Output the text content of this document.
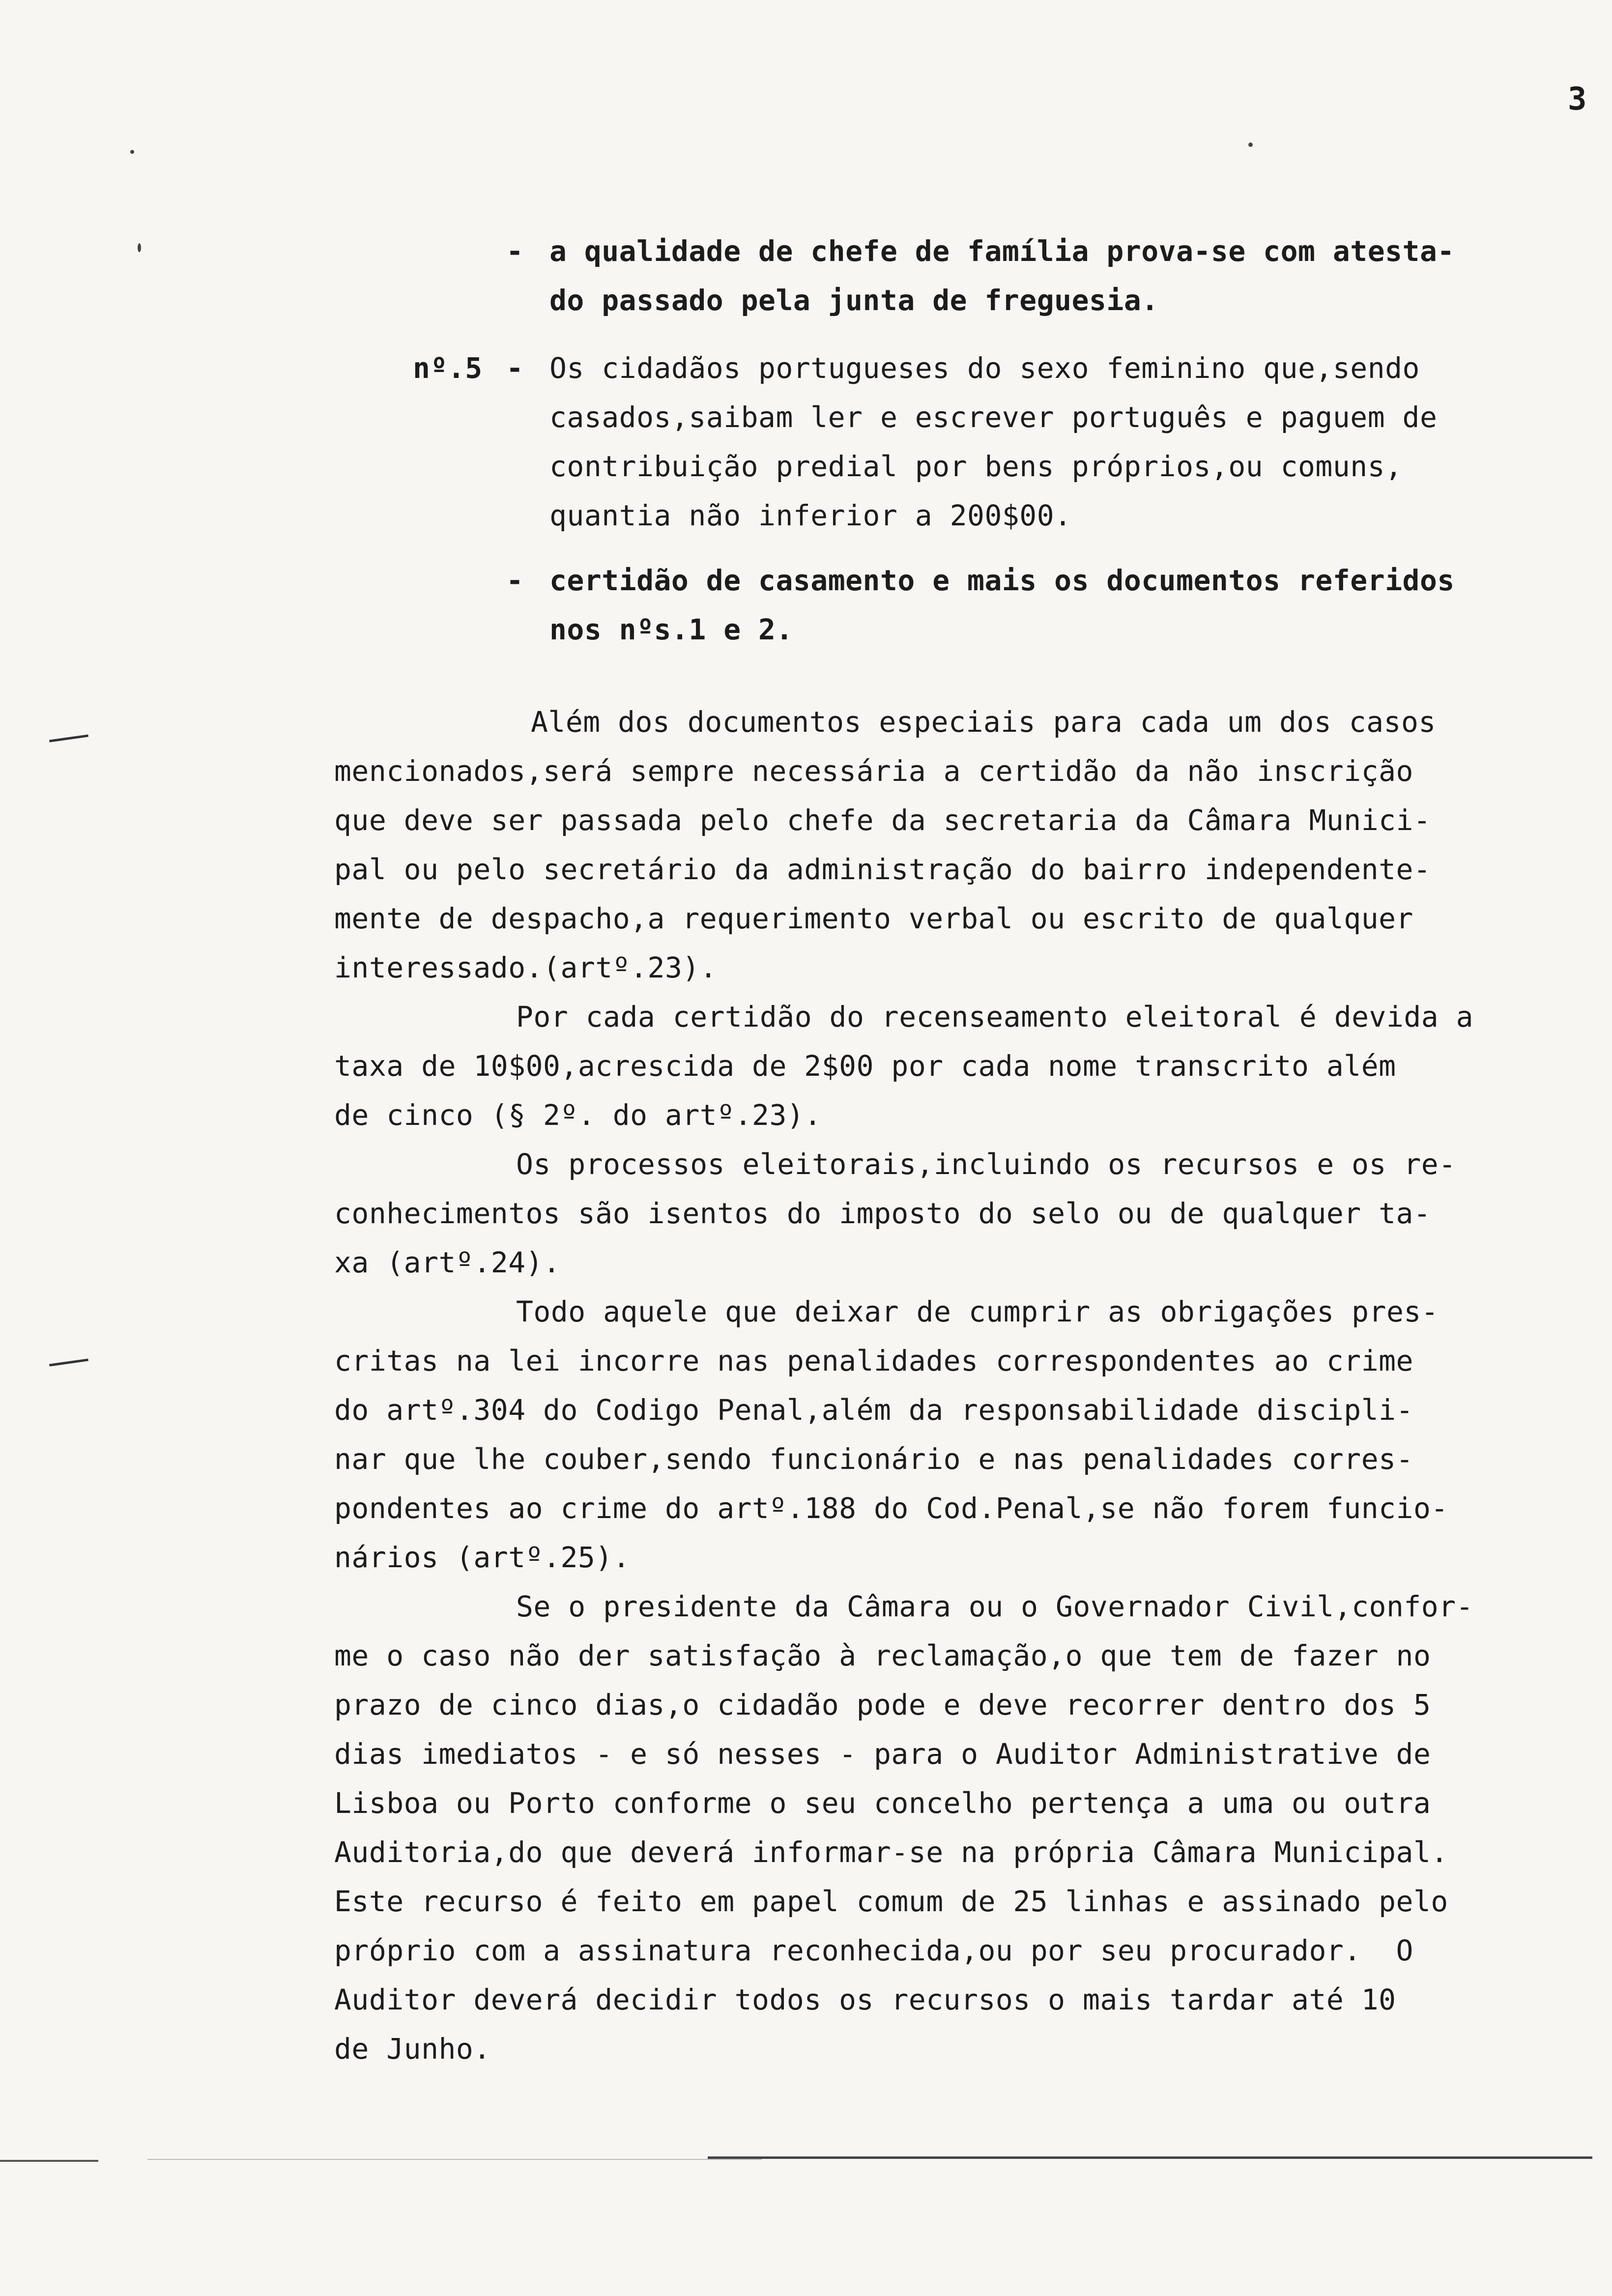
3
- a qualidade de chefe de família prova-se com atesta-
do passado pela junta de freguesia.
nº.5 - Os cidadãos portugueses do sexo feminino que,sendo
casados,saibam ler e escrever português e paguem de
contribuição predial por bens próprios,ou comuns,
quantia não inferior a 200$00.
- certidão de casamento e mais os documentos referidos
nos nºs.1 e 2.
Além dos documentos especiais para cada um dos casos
mencionados,será sempre necessária a certidão da não inscrição
que deve ser passada pelo chefe da secretaria da Câmara Munici-
pal ou pelo secretário da administração do bairro independente-
mente de despacho,a requerimento verbal ou escrito de qualquer
interessado.(artº.23).
Por cada certidão do recenseamento eleitoral é devida a
taxa de 10$00,acrescida de 2$00 por cada nome transcrito além
de cinco (§ 2º. do artº.23).
Os processos eleitorais,incluindo os recursos e os re-
conhecimentos são isentos do imposto do selo ou de qualquer ta-
xa (artº.24).
Todo aquele que deixar de cumprir as obrigações pres-
critas na lei incorre nas penalidades correspondentes ao crime
do artº.304 do Codigo Penal,além da responsabilidade discipli-
nar que lhe couber,sendo funcionário e nas penalidades corres-
pondentes ao crime do artº.188 do Cod.Penal,se não forem funcio-
nários (artº.25).
Se o presidente da Câmara ou o Governador Civil,confor-
me o caso não der satisfação à reclamação,o que tem de fazer no
prazo de cinco dias,o cidadão pode e deve recorrer dentro dos 5
dias imediatos - e só nesses - para o Auditor Administrative de
Lisboa ou Porto conforme o seu concelho pertença a uma ou outra
Auditoria,do que deverá informar-se na própria Câmara Municipal.
Este recurso é feito em papel comum de 25 linhas e assinado pelo
próprio com a assinatura reconhecida,ou por seu procurador.  O
Auditor deverá decidir todos os recursos o mais tardar até 10
de Junho.
